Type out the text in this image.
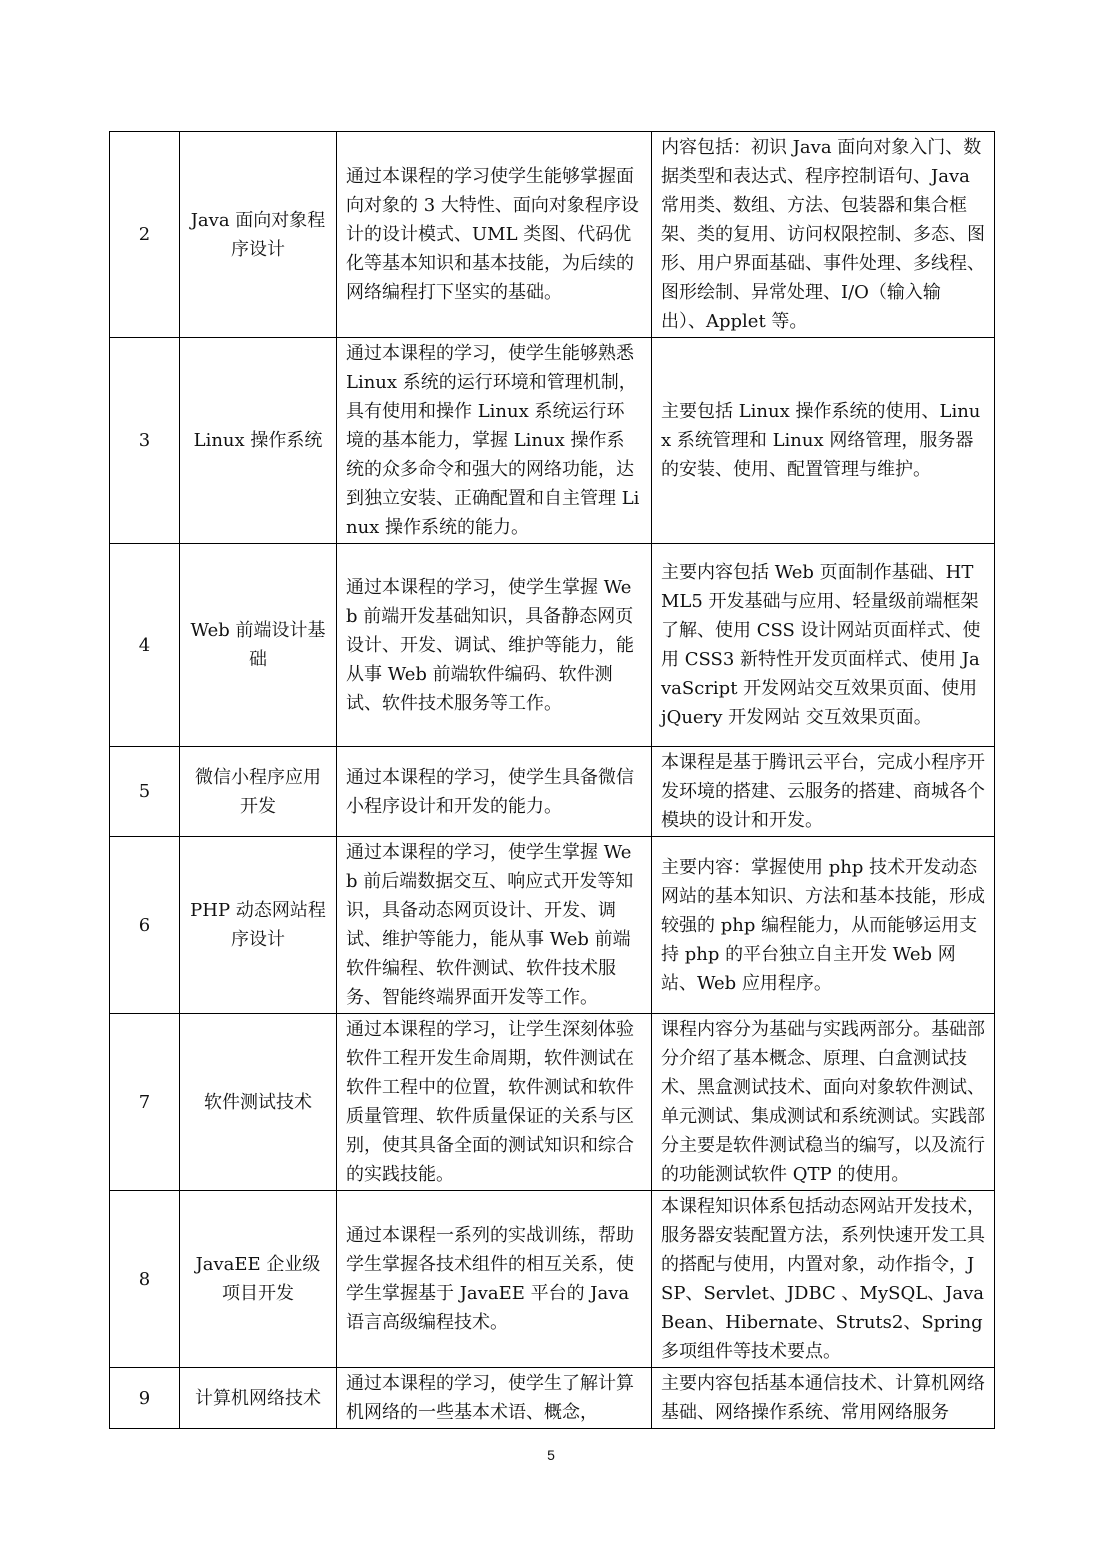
2	Java 面向对象程序设计	通过本课程的学习使学生能够掌握面向对象的 3 大特性、面向对象程序设计的设计模式、UML 类图、代码优化等基本知识和基本技能，为后续的网络编程打下坚实的基础。	内容包括：初识 Java 面向对象入门、数据类型和表达式、程序控制语句、Java 常用类、数组、方法、包装器和集合框架、类的复用、访问权限控制、多态、图形、用户界面基础、事件处理、多线程、图形绘制、异常处理、I/O（输入输出）、Applet 等。
3	Linux 操作系统	通过本课程的学习，使学生能够熟悉 Linux 系统的运行环境和管理机制，具有使用和操作 Linux 系统运行环境的基本能力，掌握 Linux 操作系统的众多命令和强大的网络功能，达到独立安装、正确配置和自主管理 Linux 操作系统的能力。	主要包括 Linux 操作系统的使用、Linux 系统管理和 Linux 网络管理，服务器的安装、使用、配置管理与维护。
4	Web 前端设计基础	通过本课程的学习，使学生掌握 Web 前端开发基础知识，具备静态网页设计、开发、调试、维护等能力，能从事 Web 前端软件编码、软件测试、软件技术服务等工作。	主要内容包括 Web 页面制作基础、HTML5 开发基础与应用、轻量级前端框架了解、使用 CSS 设计网站页面样式、使用 CSS3 新特性开发页面样式、使用 JavaScript 开发网站交互效果页面、使用 jQuery 开发网站 交互效果页面。
5	微信小程序应用开发	通过本课程的学习，使学生具备微信小程序设计和开发的能力。	本课程是基于腾讯云平台，完成小程序开发环境的搭建、云服务的搭建、商城各个模块的设计和开发。
6	PHP 动态网站程序设计	通过本课程的学习，使学生掌握 Web 前后端数据交互、响应式开发等知识，具备动态网页设计、开发、调试、维护等能力，能从事 Web 前端软件编程、软件测试、软件技术服务、智能终端界面开发等工作。	主要内容：掌握使用 php 技术开发动态网站的基本知识、方法和基本技能，形成较强的 php 编程能力，从而能够运用支持 php 的平台独立自主开发 Web 网站、Web 应用程序。
7	软件测试技术	通过本课程的学习，让学生深刻体验软件工程开发生命周期，软件测试在软件工程中的位置，软件测试和软件质量管理、软件质量保证的关系与区别，使其具备全面的测试知识和综合的实践技能。	课程内容分为基础与实践两部分。基础部分介绍了基本概念、原理、白盒测试技术、黑盒测试技术、面向对象软件测试、单元测试、集成测试和系统测试。实践部分主要是软件测试稳当的编写，以及流行的功能测试软件 QTP 的使用。
8	JavaEE 企业级项目开发	通过本课程一系列的实战训练，帮助学生掌握各技术组件的相互关系，使学生掌握基于 JavaEE 平台的 Java 语言高级编程技术。	本课程知识体系包括动态网站开发技术，服务器安装配置方法，系列快速开发工具的搭配与使用，内置对象，动作指令，JSP、Servlet、JDBC 、MySQL、Java Bean、Hibernate、Struts2、Spring 多项组件等技术要点。
9	计算机网络技术	通过本课程的学习，使学生了解计算机网络的一些基本术语、概念，	主要内容包括基本通信技术、计算机网络基础、网络操作系统、常用网络服务
5
